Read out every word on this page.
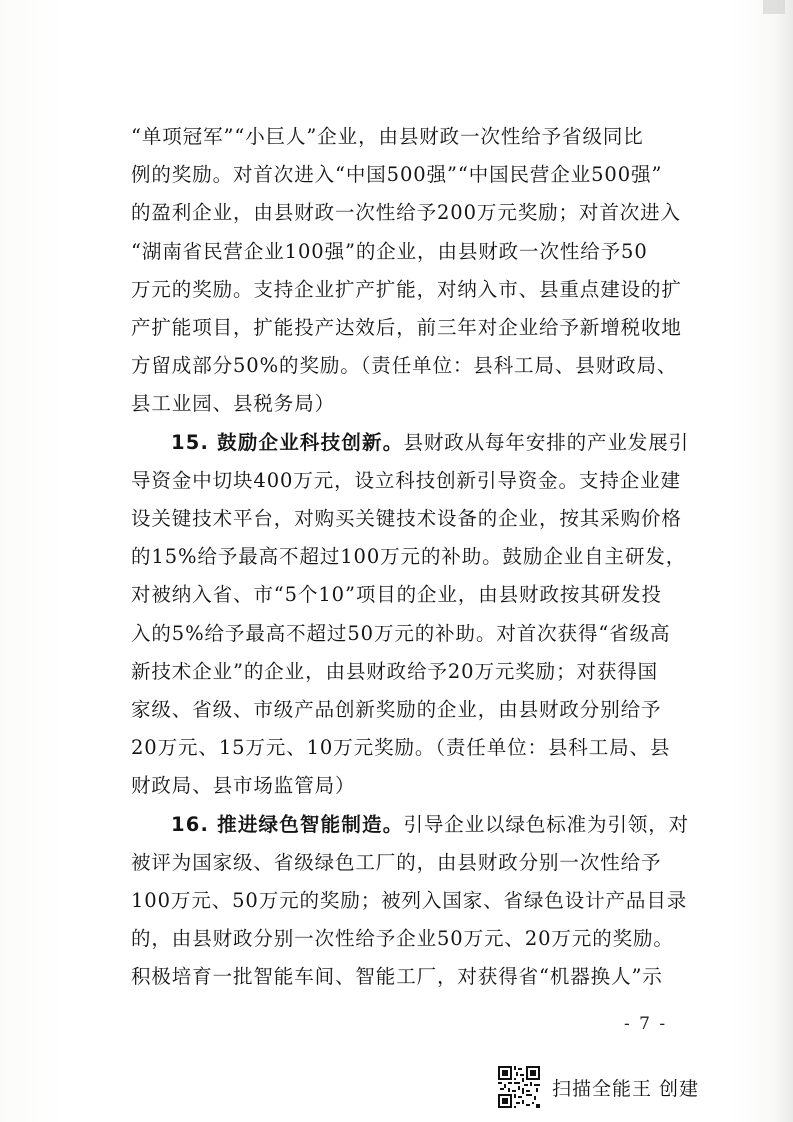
“单项冠军”“小巨人”企业，由县财政一次性给予省级同比
例的奖励。对首次进入“中国500强”“中国民营企业500强”
的盈利企业，由县财政一次性给予200万元奖励；对首次进入
“湖南省民营企业100强”的企业，由县财政一次性给予50
万元的奖励。支持企业扩产扩能，对纳入市、县重点建设的扩
产扩能项目，扩能投产达效后，前三年对企业给予新增税收地
方留成部分50%的奖励。（责任单位：县科工局、县财政局、
县工业园、县税务局）
15. 鼓励企业科技创新。县财政从每年安排的产业发展引
导资金中切块400万元，设立科技创新引导资金。支持企业建
设关键技术平台，对购买关键技术设备的企业，按其采购价格
的15%给予最高不超过100万元的补助。鼓励企业自主研发，
对被纳入省、市“5个10”项目的企业，由县财政按其研发投
入的5%给予最高不超过50万元的补助。对首次获得“省级高
新技术企业”的企业，由县财政给予20万元奖励；对获得国
家级、省级、市级产品创新奖励的企业，由县财政分别给予
20万元、15万元、10万元奖励。（责任单位：县科工局、县
财政局、县市场监管局）
16. 推进绿色智能制造。引导企业以绿色标准为引领，对
被评为国家级、省级绿色工厂的，由县财政分别一次性给予
100万元、50万元的奖励；被列入国家、省绿色设计产品目录
的，由县财政分别一次性给予企业50万元、20万元的奖励。
积极培育一批智能车间、智能工厂，对获得省“机器换人”示
- 7 -
扫描全能王 创建
